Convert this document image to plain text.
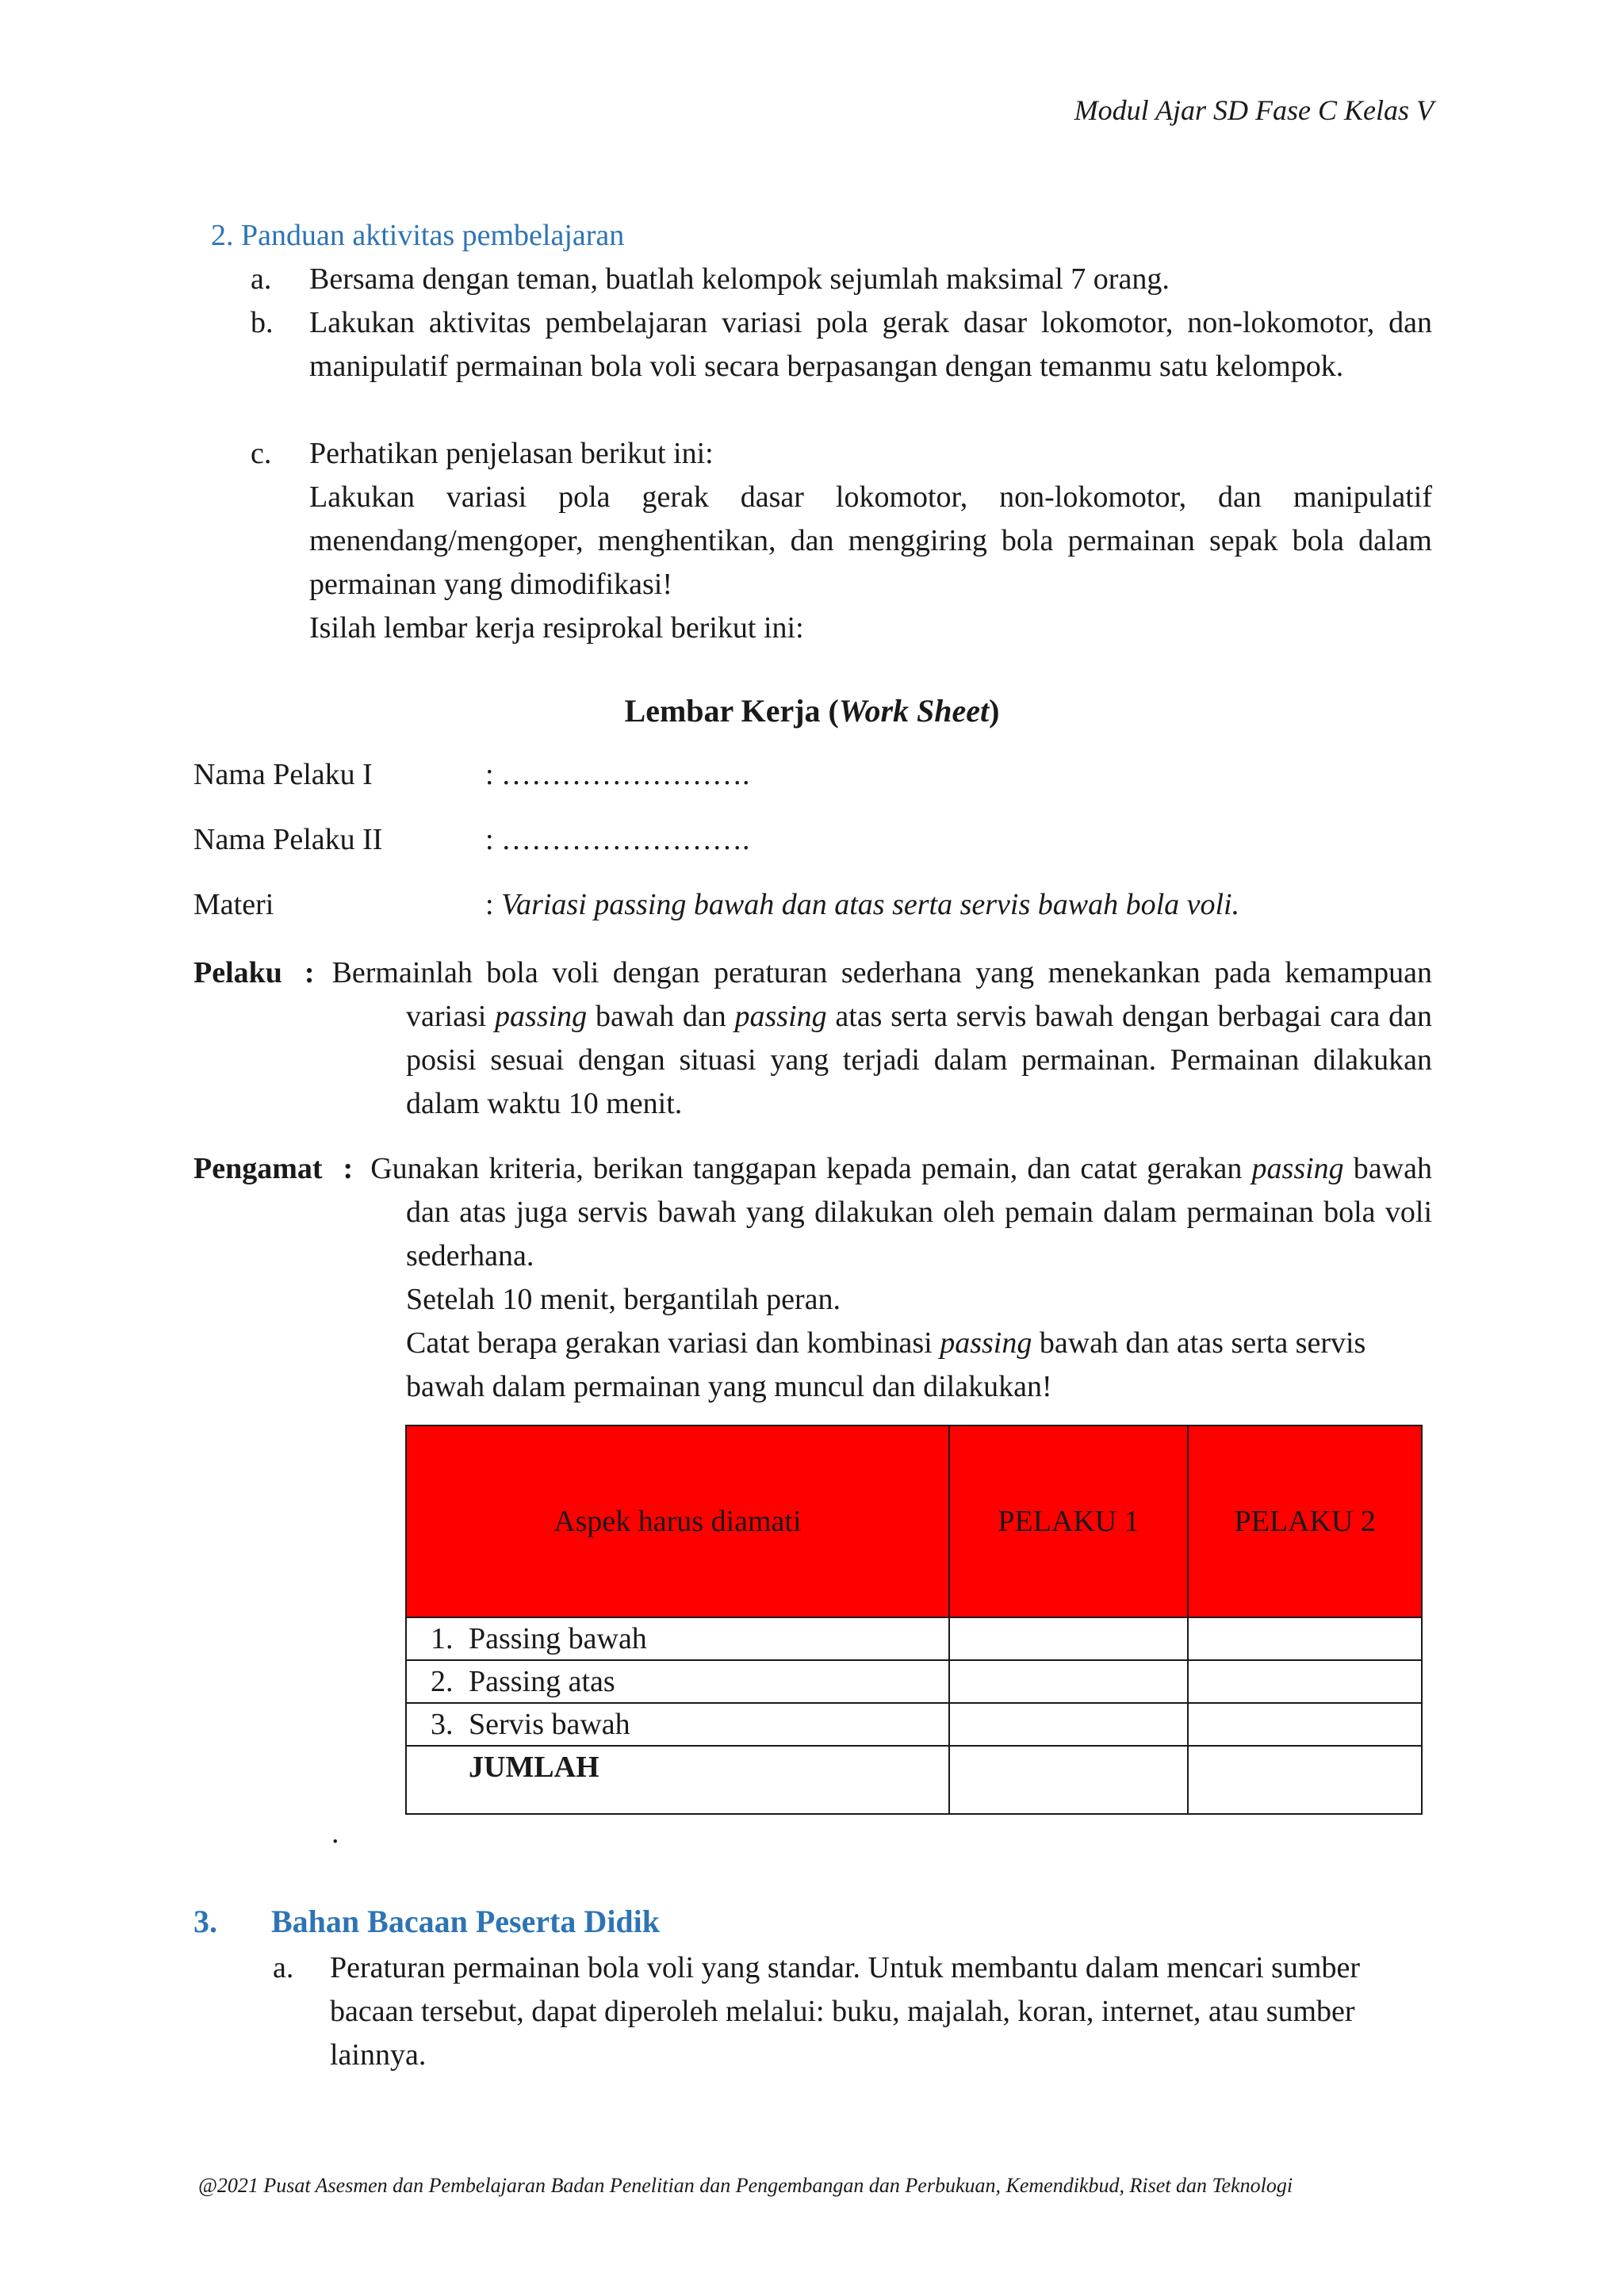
Modul Ajar SD Fase C Kelas V
2. Panduan aktivitas pembelajaran
a. Bersama dengan teman, buatlah kelompok sejumlah maksimal 7 orang.
b. Lakukan aktivitas pembelajaran variasi pola gerak dasar lokomotor, non-lokomotor, dan manipulatif permainan bola voli secara berpasangan dengan temanmu satu kelompok.
c. Perhatikan penjelasan berikut ini:
Lakukan variasi pola gerak dasar lokomotor, non-lokomotor, dan manipulatif menendang/mengoper, menghentikan, dan menggiring bola permainan sepak bola dalam permainan yang dimodifikasi!
Isilah lembar kerja resiprokal berikut ini:
Lembar Kerja (Work Sheet)
Nama Pelaku I	: …………………….
Nama Pelaku II	: …………………….
Materi	: Variasi passing bawah dan atas serta servis bawah bola voli.
Pelaku : Bermainlah bola voli dengan peraturan sederhana yang menekankan pada kemampuan variasi passing bawah dan passing atas serta servis bawah dengan berbagai cara dan posisi sesuai dengan situasi yang terjadi dalam permainan. Permainan dilakukan dalam waktu 10 menit.
Pengamat : Gunakan kriteria, berikan tanggapan kepada pemain, dan catat gerakan passing bawah dan atas juga servis bawah yang dilakukan oleh pemain dalam permainan bola voli sederhana.
Setelah 10 menit, bergantilah peran.
Catat berapa gerakan variasi dan kombinasi passing bawah dan atas serta servis bawah dalam permainan yang muncul dan dilakukan!
Aspek harus diamati	PELAKU 1	PELAKU 2
1. Passing bawah		
2. Passing atas		
3. Servis bawah		
JUMLAH		
.
3. Bahan Bacaan Peserta Didik
a. Peraturan permainan bola voli yang standar. Untuk membantu dalam mencari sumber bacaan tersebut, dapat diperoleh melalui: buku, majalah, koran, internet, atau sumber lainnya.
@2021 Pusat Asesmen dan Pembelajaran Badan Penelitian dan Pengembangan dan Perbukuan, Kemendikbud, Riset dan Teknologi
